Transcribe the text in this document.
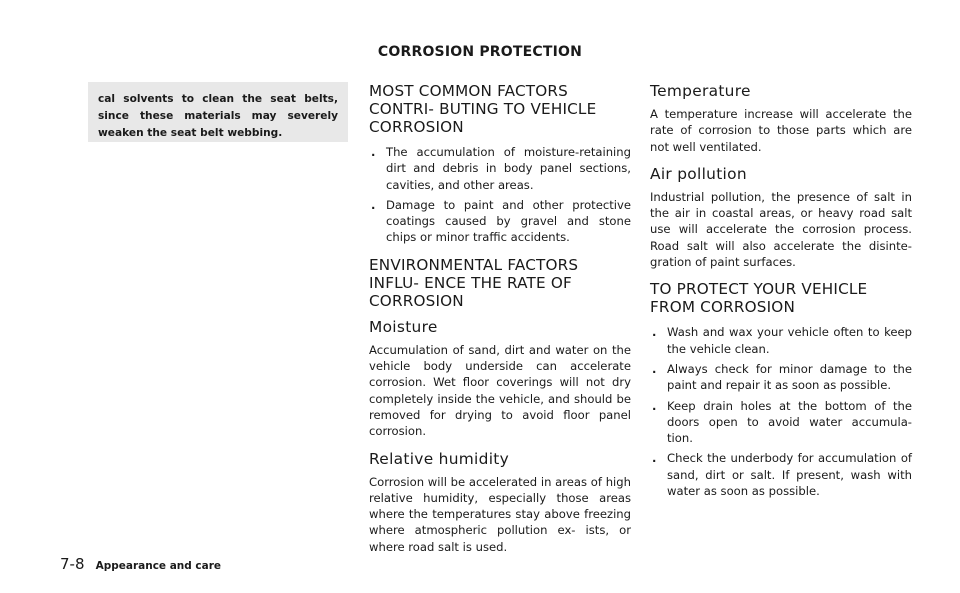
CORROSION PROTECTION
cal solvents to clean the seat belts, since these materials may severely weaken the seat belt webbing.
MOST COMMON FACTORS CONTRI- BUTING TO VEHICLE CORROSION
. The accumulation of moisture-retaining dirt and debris in body panel sections, cavities, and other areas.
. Damage to paint and other protective coatings caused by gravel and stone chips or minor traffic accidents.
ENVIRONMENTAL FACTORS INFLU- ENCE THE RATE OF CORROSION
Moisture

Accumulation of sand, dirt and water on the vehicle body underside can accelerate corrosion. Wet floor coverings will not dry completely inside the vehicle, and should be removed for drying to avoid floor panel corrosion.

Relative humidity

Corrosion will be accelerated in areas of high relative humidity, especially those areas where the temperatures stay above freezing where atmospheric pollution ex- ists, or where road salt is used.

Temperature

A temperature increase will accelerate the rate of corrosion to those parts which are not well ventilated.

Air pollution

Industrial pollution, the presence of salt in the air in coastal areas, or heavy road salt use will accelerate the corrosion process. Road salt will also accelerate the disinte- gration of paint surfaces.

TO PROTECT YOUR VEHICLE FROM CORROSION
. Wash and wax your vehicle often to keep the vehicle clean.
. Always check for minor damage to the paint and repair it as soon as possible.
. Keep drain holes at the bottom of the doors open to avoid water accumula- tion.
. Check the underbody for accumulation of sand, dirt or salt. If present, wash with water as soon as possible.
7-8 Appearance and care
